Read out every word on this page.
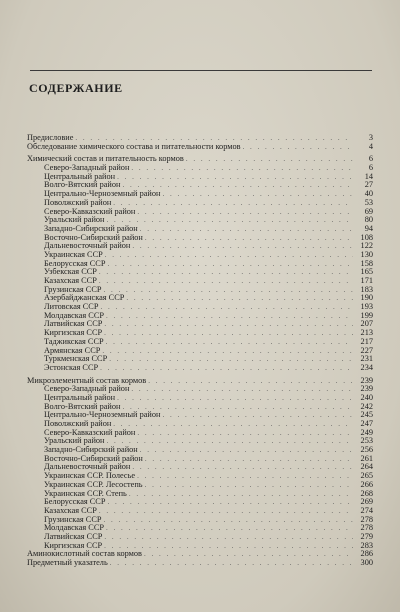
СОДЕРЖАНИЕ
Предисловие . . .	3
Обследование химического состава и питательности кормов . . .	4
Химический состав и питательность кормов . . .	6
Северо-Западный район . . .	6
Центральный район . . .	14
Волго-Вятский район . . .	27
Центрально-Черноземный район . . .	40
Поволжский район . . .	53
Северо-Кавказский район . . .	69
Уральский район . . .	80
Западно-Сибирский район . . .	94
Восточно-Сибирский район . . .	108
Дальневосточный район . . .	122
Украинская ССР . . .	130
Белорусская ССР . . .	158
Узбекская ССР . . .	165
Казахская ССР . . .	171
Грузинская ССР . . .	183
Азербайджанская ССР . . .	190
Литовская ССР . . .	193
Молдавская ССР . . .	199
Латвийская ССР . . .	207
Киргизская ССР . . .	213
Таджикская ССР . . .	217
Армянская ССР . . .	227
Туркменская ССР . . .	231
Эстонская ССР . . .	234
Микроэлементный состав кормов . . .	239
Северо-Западный район . . .	239
Центральный район . . .	240
Волго-Вятский район . . .	242
Центрально-Черноземный район . . .	245
Поволжский район . . .	247
Северо-Кавказский район . . .	249
Уральский район . . .	253
Западно-Сибирский район . . .	256
Восточно-Сибирский район . . .	261
Дальневосточный район . . .	264
Украинская ССР. Полесье . . .	265
Украинская ССР. Лесостепь . . .	266
Украинская ССР. Степь . . .	268
Белорусская ССР . . .	269
Казахская ССР . . .	274
Грузинская ССР . . .	278
Молдавская ССР . . .	278
Латвийская ССР . . .	279
Киргизская ССР . . .	283
Аминокислотный состав кормов . . .	286
Предметный указатель . . .	300
